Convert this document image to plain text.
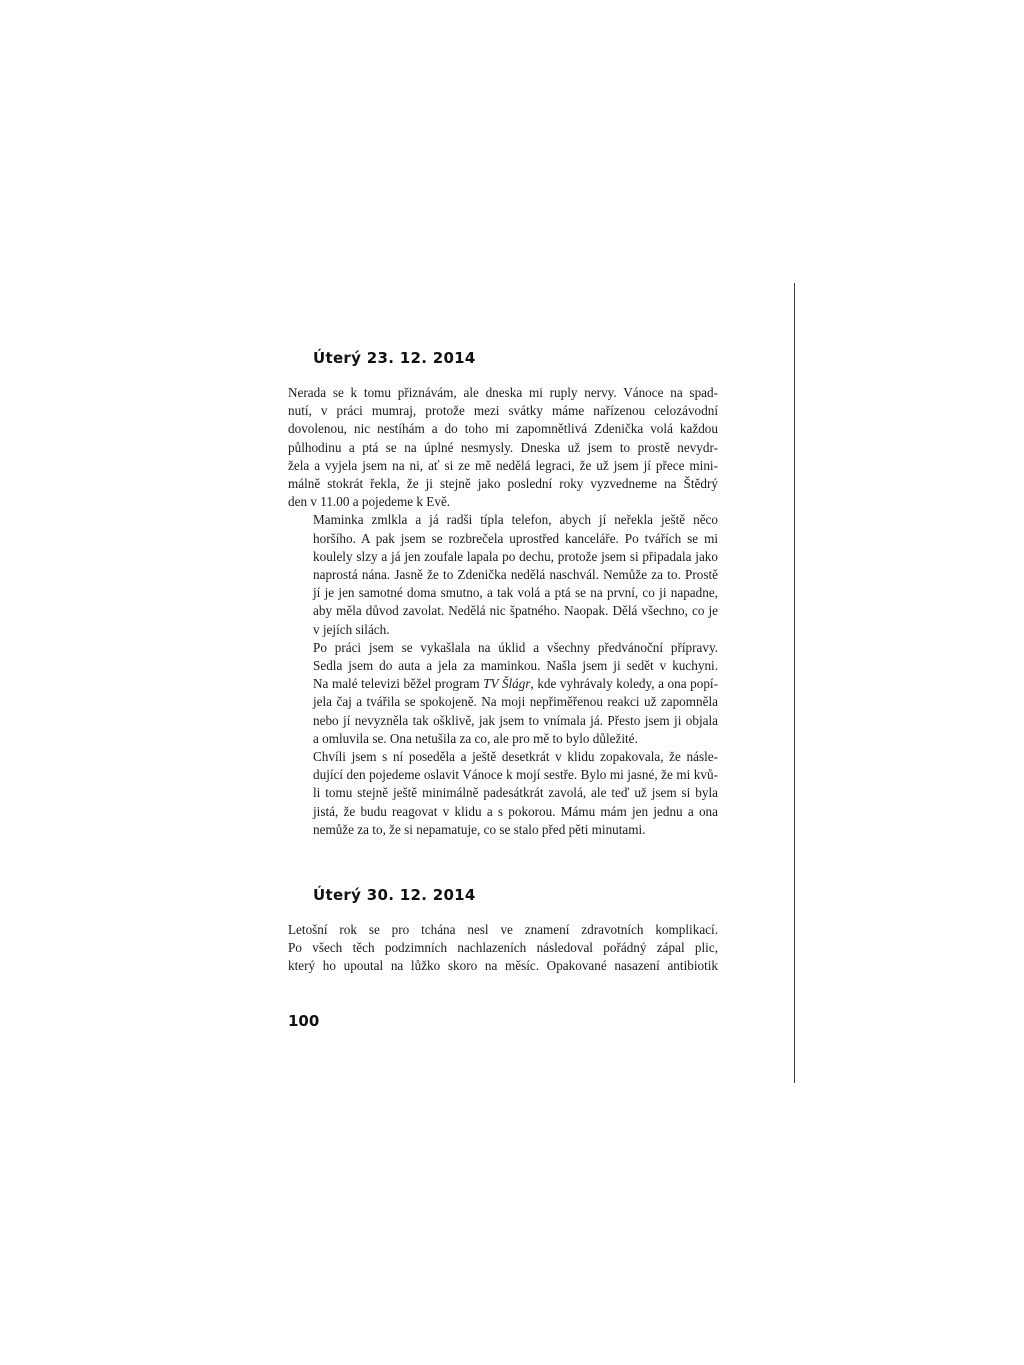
Úterý 23. 12. 2014

Nerada se k tomu přiznávám, ale dneska mi ruply nervy. Vánoce na spad-
nutí, v práci mumraj, protože mezi svátky máme nařízenou celozávodní
dovolenou, nic nestíhám a do toho mi zapomnětlivá Zdenička volá každou
půlhodinu a ptá se na úplné nesmysly. Dneska už jsem to prostě nevydr-
žela a vyjela jsem na ni, ať si ze mě nedělá legraci, že už jsem jí přece mini-
málně stokrát řekla, že ji stejně jako poslední roky vyzvedneme na Štědrý
den v 11.00 a pojedeme k Evě.

Maminka zmlkla a já radši típla telefon, abych jí neřekla ještě něco
horšího. A pak jsem se rozbrečela uprostřed kanceláře. Po tvářích se mi
koulely slzy a já jen zoufale lapala po dechu, protože jsem si připadala jako
naprostá nána. Jasně že to Zdenička nedělá naschvál. Nemůže za to. Prostě
jí je jen samotné doma smutno, a tak volá a ptá se na první, co ji napadne,
aby měla důvod zavolat. Nedělá nic špatného. Naopak. Dělá všechno, co je
v jejích silách.

Po práci jsem se vykašlala na úklid a všechny předvánoční přípravy.
Sedla jsem do auta a jela za maminkou. Našla jsem ji sedět v kuchyni.
Na malé televizi běžel program TV Šlágr, kde vyhrávaly koledy, a ona popí-
jela čaj a tvářila se spokojeně. Na moji nepřiměřenou reakci už zapomněla
nebo jí nevyzněla tak ošklivě, jak jsem to vnímala já. Přesto jsem ji objala
a omluvila se. Ona netušila za co, ale pro mě to bylo důležité.

Chvíli jsem s ní poseděla a ještě desetkrát v klidu zopakovala, že násle-
dující den pojedeme oslavit Vánoce k mojí sestře. Bylo mi jasné, že mi kvů-
li tomu stejně ještě minimálně padesátkrát zavolá, ale teď už jsem si byla
jistá, že budu reagovat v klidu a s pokorou. Mámu mám jen jednu a ona
nemůže za to, že si nepamatuje, co se stalo před pěti minutami.

Úterý 30. 12. 2014

Letošní rok se pro tchána nesl ve znamení zdravotních komplikací.
Po všech těch podzimních nachlazeních následoval pořádný zápal plic,
který ho upoutal na lůžko skoro na měsíc. Opakované nasazení antibiotik

100
